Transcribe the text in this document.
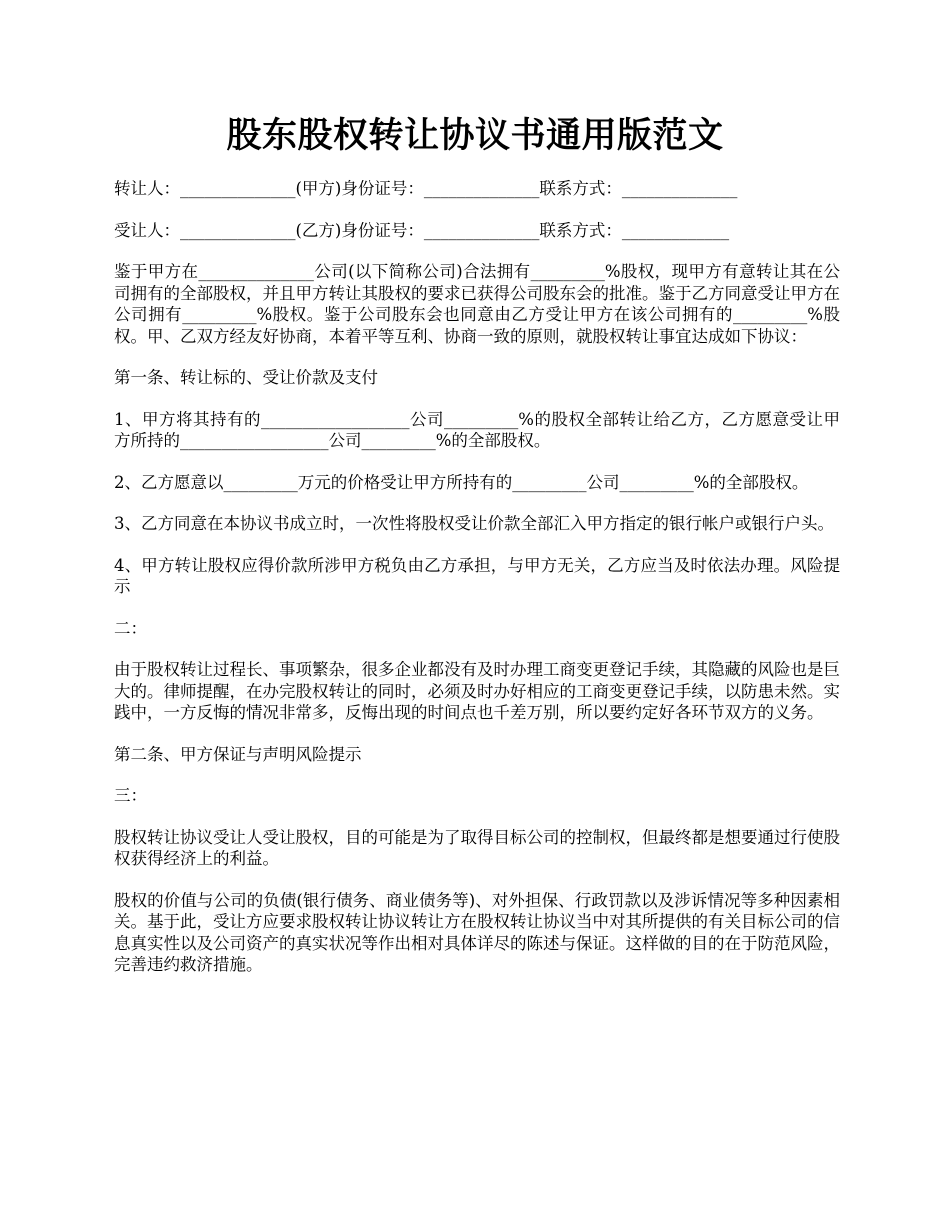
股东股权转让协议书通用版范文

转让人：______________(甲方)身份证号：______________联系方式：______________

受让人：______________(乙方)身份证号：______________联系方式：_____________

鉴于甲方在______________公司(以下简称公司)合法拥有_________%股权，现甲方有意转让其在公司拥有的全部股权，并且甲方转让其股权的要求已获得公司股东会的批准。鉴于乙方同意受让甲方在公司拥有_________%股权。鉴于公司股东会也同意由乙方受让甲方在该公司拥有的_________%股权。甲、乙双方经友好协商，本着平等互利、协商一致的原则，就股权转让事宜达成如下协议：

第一条、转让标的、受让价款及支付

1、甲方将其持有的__________________公司_________%的股权全部转让给乙方，乙方愿意受让甲方所持的__________________公司_________%的全部股权。

2、乙方愿意以_________万元的价格受让甲方所持有的_________公司_________%的全部股权。

3、乙方同意在本协议书成立时，一次性将股权受让价款全部汇入甲方指定的银行帐户或银行户头。

4、甲方转让股权应得价款所涉甲方税负由乙方承担，与甲方无关，乙方应当及时依法办理。风险提示

二：

由于股权转让过程长、事项繁杂，很多企业都没有及时办理工商变更登记手续，其隐藏的风险也是巨大的。律师提醒，在办完股权转让的同时，必须及时办好相应的工商变更登记手续，以防患未然。实践中，一方反悔的情况非常多，反悔出现的时间点也千差万别，所以要约定好各环节双方的义务。

第二条、甲方保证与声明风险提示

三：

股权转让协议受让人受让股权，目的可能是为了取得目标公司的控制权，但最终都是想要通过行使股权获得经济上的利益。

股权的价值与公司的负债(银行债务、商业债务等)、对外担保、行政罚款以及涉诉情况等多种因素相关。基于此，受让方应要求股权转让协议转让方在股权转让协议当中对其所提供的有关目标公司的信息真实性以及公司资产的真实状况等作出相对具体详尽的陈述与保证。这样做的目的在于防范风险，完善违约救济措施。
